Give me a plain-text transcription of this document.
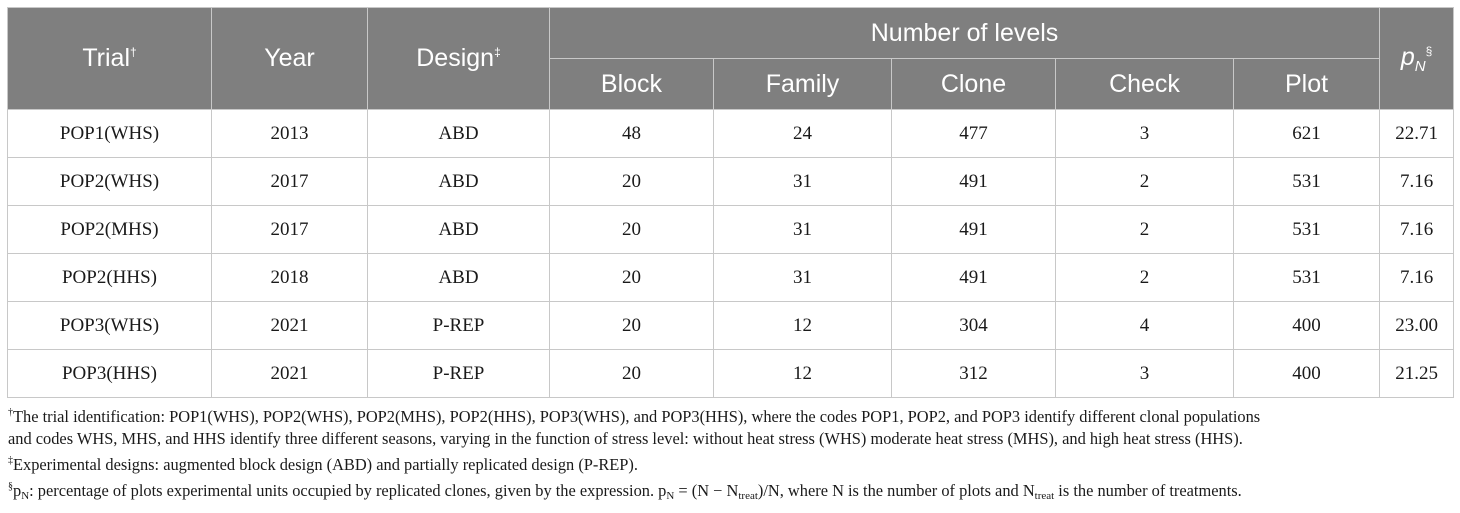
Trial†	Year	Design‡	Number of levels					$p_N^\S$
			Block	Family	Clone	Check	Plot	
POP1(WHS)	2013	ABD	48	24	477	3	621	22.71
POP2(WHS)	2017	ABD	20	31	491	2	531	7.16
POP2(MHS)	2017	ABD	20	31	491	2	531	7.16
POP2(HHS)	2018	ABD	20	31	491	2	531	7.16
POP3(WHS)	2021	P-REP	20	12	304	4	400	23.00
POP3(HHS)	2021	P-REP	20	12	312	3	400	21.25

†The trial identification: POP1(WHS), POP2(WHS), POP2(MHS), POP2(HHS), POP3(WHS), and POP3(HHS), where the codes POP1, POP2, and POP3 identify different clonal populations

and codes WHS, MHS, and HHS identify three different seasons, varying in the function of stress level: without heat stress (WHS) moderate heat stress (MHS), and high heat stress (HHS).

‡Experimental designs: augmented block design (ABD) and partially replicated design (P-REP).

$^\S p_N$: percentage of plots experimental units occupied by replicated clones, given by the expression. $p_N = (N - N_{treat})/N$, where N is the number of plots and $N_{treat}$ is the number of treatments.
